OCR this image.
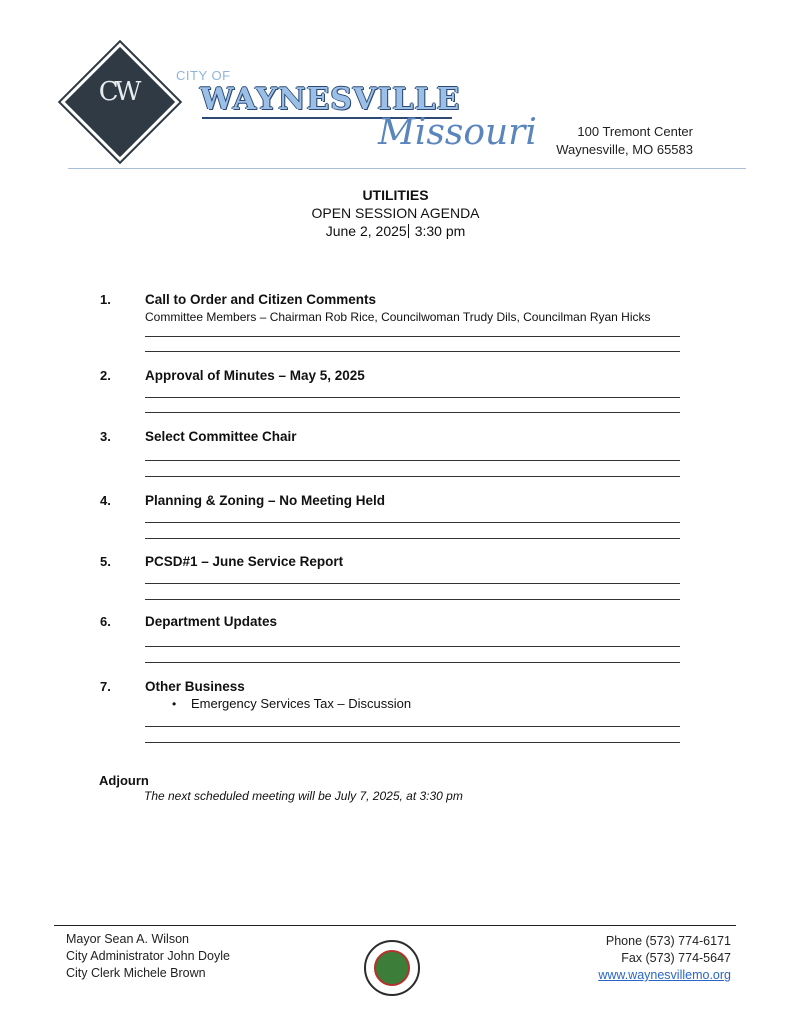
CW
CITY OF
WAYNESVILLE
Missouri	100 Tremont Center
Waynesville, MO 65583
UTILITIES
OPEN SESSION AGENDA
June 2, 2025 3:30 pm
1.	Call to Order and Citizen Comments
Committee Members – Chairman Rob Rice, Councilwoman Trudy Dils, Councilman Ryan Hicks
2.	Approval of Minutes – May 5, 2025
3.	Select Committee Chair
4.	Planning & Zoning – No Meeting Held
5.	PCSD#1 – June Service Report
6.	Department Updates
7.	Other Business
• Emergency Services Tax – Discussion
Adjourn
The next scheduled meeting will be July 7, 2025, at 3:30 pm
Mayor Sean A. Wilson
City Administrator John Doyle
City Clerk Michele Brown
Phone (573) 774-6171
Fax (573) 774-5647
www.waynesvillemo.org
